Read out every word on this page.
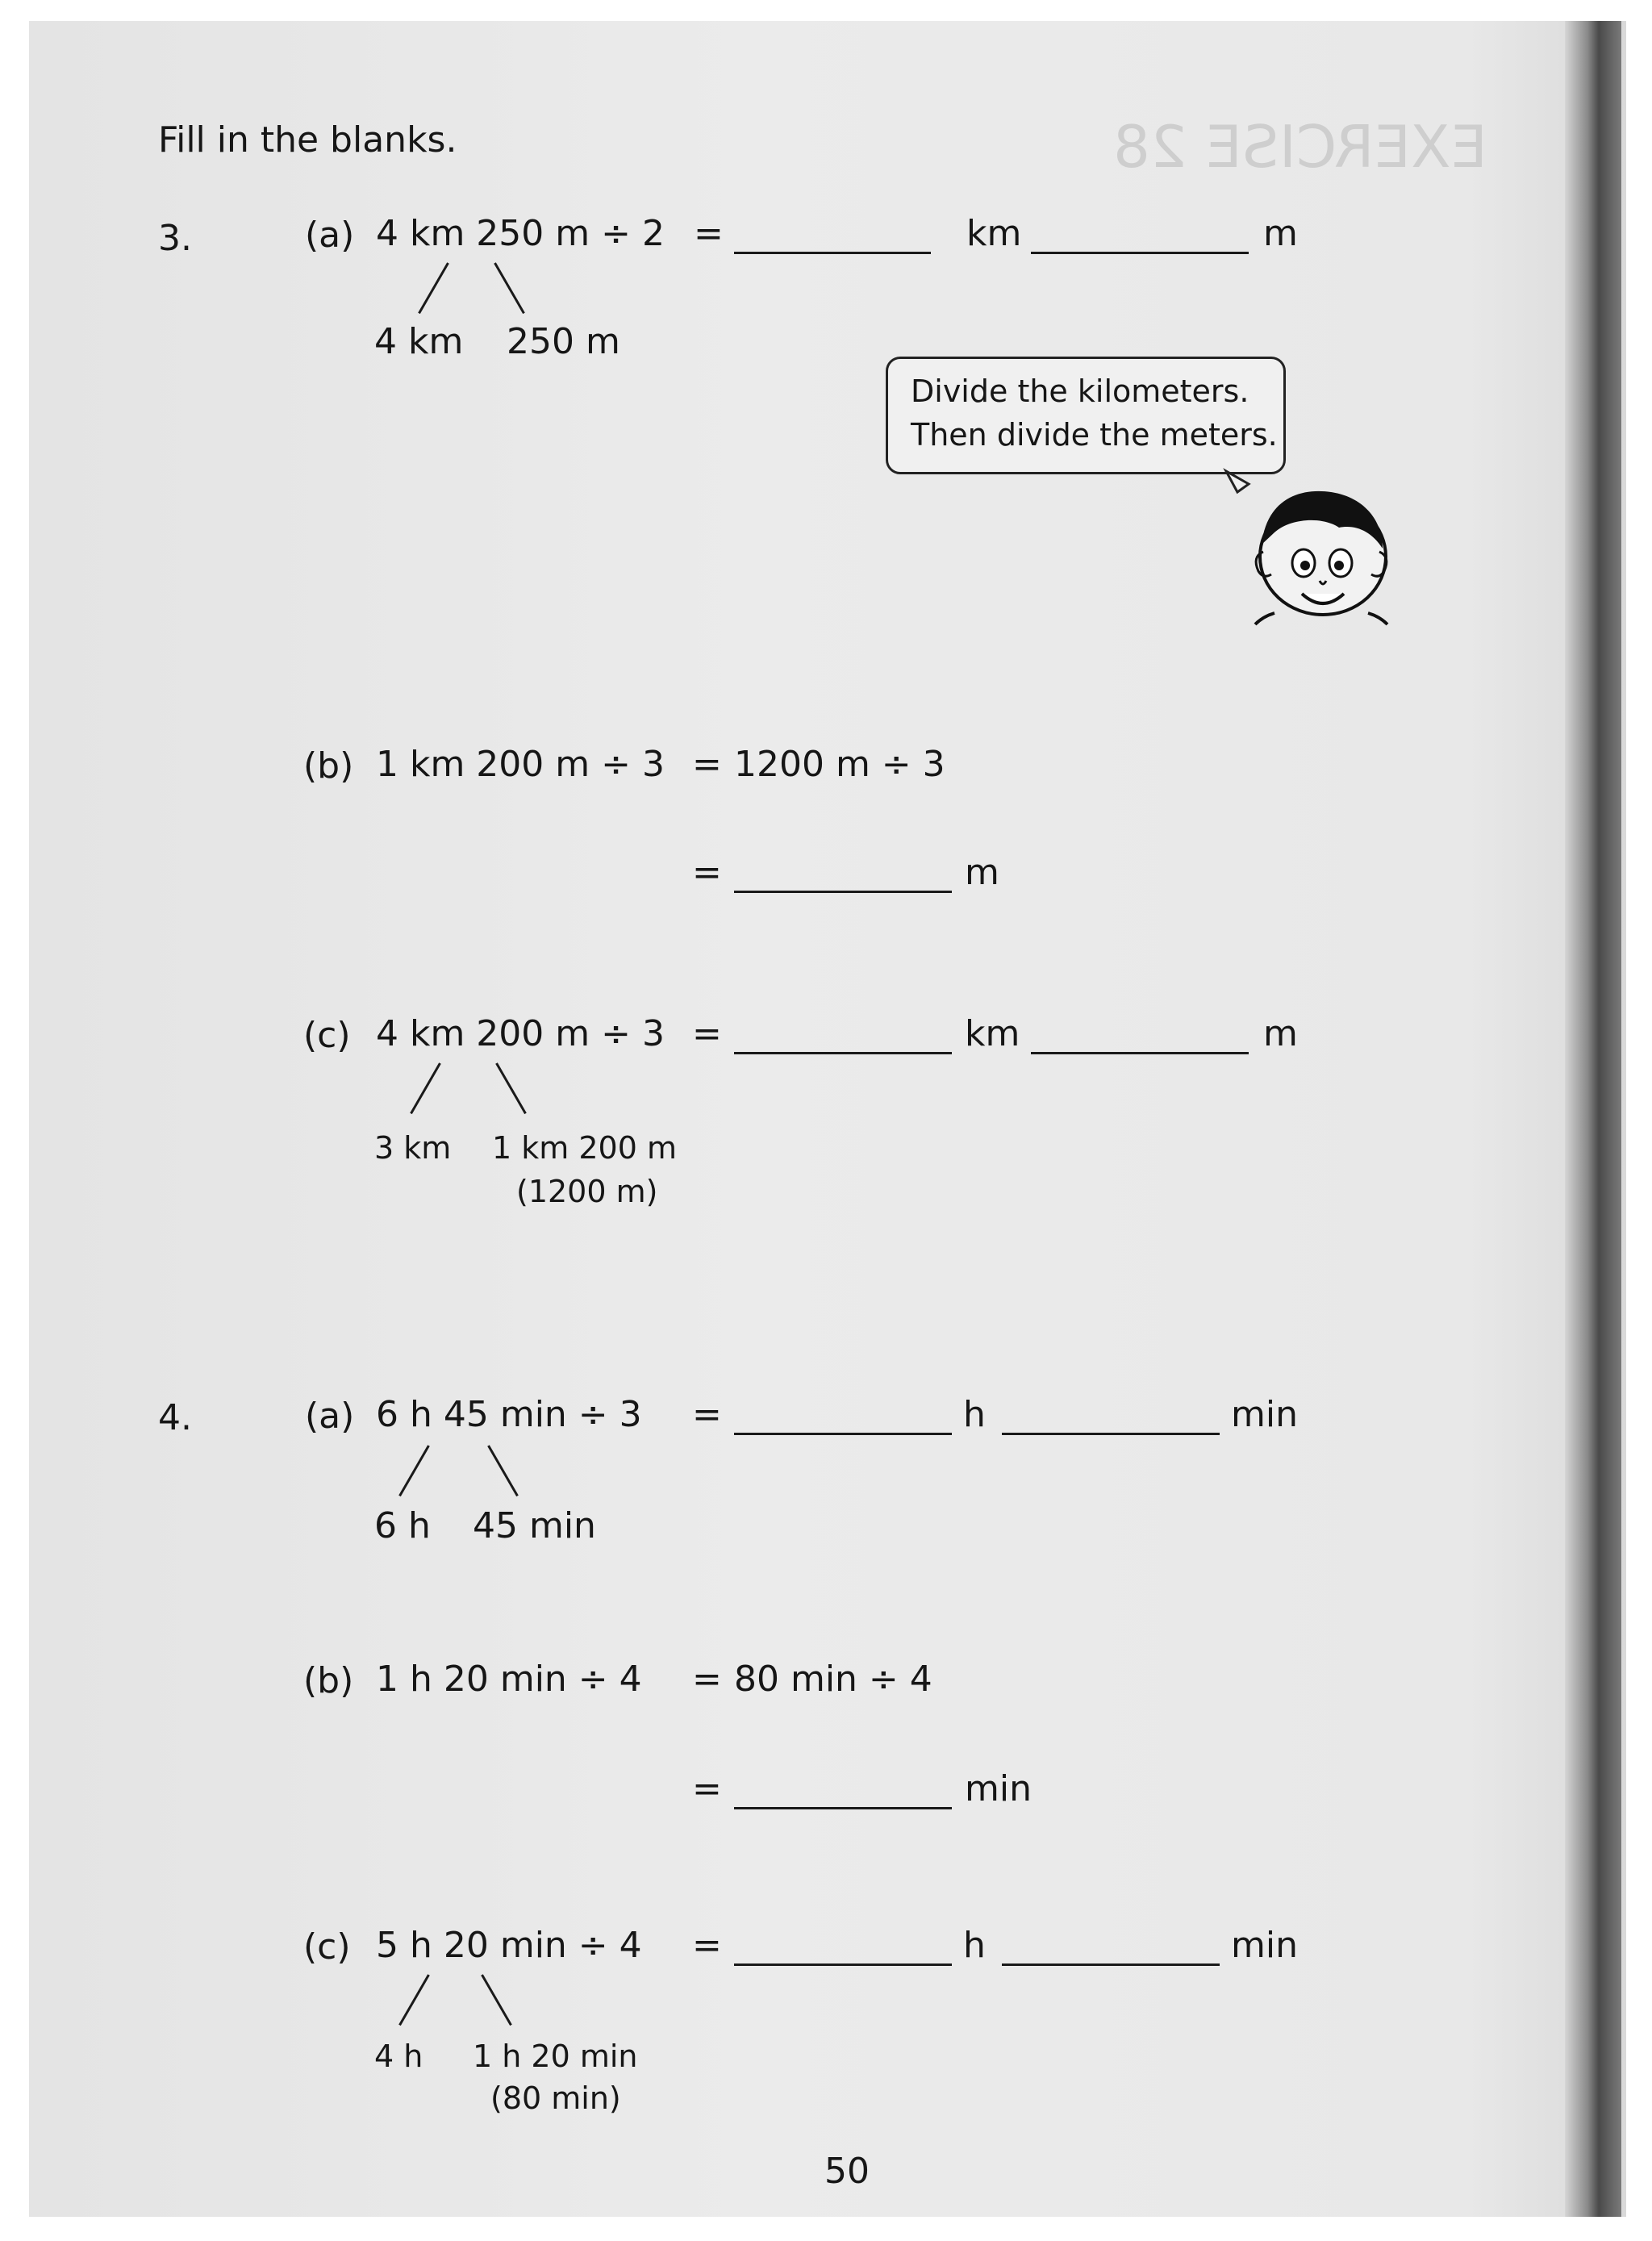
EXERCISE 28
Fill in the blanks.
3.	(a) 4 km 250 m ÷ 2 =	km	m
4 km 250 m
Divide the kilometers.
Then divide the meters.
(b) 1 km 200 m ÷ 3 = 1200 m ÷ 3
=	m
(c) 4 km 200 m ÷ 3 =	km	m
3 km 1 km 200 m
(1200 m)
4.	(a) 6 h 45 min ÷ 3 =	h	min
6 h 45 min
(b) 1 h 20 min ÷ 4 = 80 min ÷ 4
=	min
(c) 5 h 20 min ÷ 4 =	h	min
4 h 1 h 20 min
(80 min)
50
